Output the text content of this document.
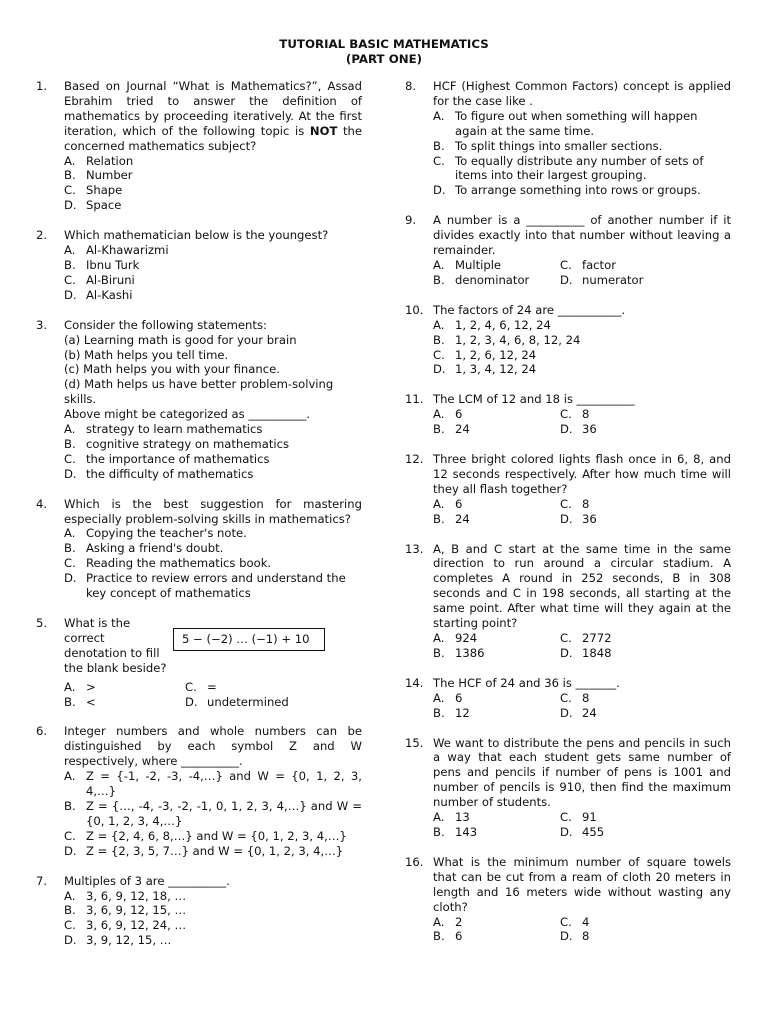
TUTORIAL BASIC MATHEMATICS
(PART ONE)
1.	Based on Journal “What is Mathematics?”, Assad Ebrahim tried to answer the definition of mathematics by proceeding iteratively. At the first iteration, which of the following topic is NOT the concerned mathematics subject?
A. Relation
B. Number
C. Shape
D. Space
2.	Which mathematician below is the youngest?
A. Al-Khawarizmi
B. Ibnu Turk
C. Al-Biruni
D. Al-Kashi
3.	Consider the following statements:
(a) Learning math is good for your brain
(b) Math helps you tell time.
(c) Math helps you with your finance.
(d) Math helps us have better problem-solving skills.
Above might be categorized as __________.
A. strategy to learn mathematics
B. cognitive strategy on mathematics
C. the importance of mathematics
D. the difficulty of mathematics
4.	Which is the best suggestion for mastering especially problem-solving skills in mathematics?
A. Copying the teacher's note.
B. Asking a friend's doubt.
C. Reading the mathematics book.
D. Practice to review errors and understand the key concept of mathematics
5.	What is the correct denotation to fill the blank beside?
5 − (−2) … (−1) + 10
A. >	C. =
B. <	D. undetermined
6.	Integer numbers and whole numbers can be distinguished by each symbol Z and W respectively, where __________.
A. Z = {-1, -2, -3, -4,…} and W = {0, 1, 2, 3, 4,…}
B. Z = {…, -4, -3, -2, -1, 0, 1, 2, 3, 4,…} and W = {0, 1, 2, 3, 4,…}
C. Z = {2, 4, 6, 8,…} and W = {0, 1, 2, 3, 4,…}
D. Z = {2, 3, 5, 7…} and W = {0, 1, 2, 3, 4,…}
7.	Multiples of 3 are __________.
A. 3, 6, 9, 12, 18, …
B. 3, 6, 9, 12, 15, …
C. 3, 6, 9, 12, 24, …
D. 3, 9, 12, 15, …
8.	HCF (Highest Common Factors) concept is applied for the case like .
A. To figure out when something will happen again at the same time.
B. To split things into smaller sections.
C. To equally distribute any number of sets of items into their largest grouping.
D. To arrange something into rows or groups.
9.	A number is a __________ of another number if it divides exactly into that number without leaving a remainder.
A. Multiple	C. factor
B. denominator	D. numerator
10. The factors of 24 are ___________.
A. 1, 2, 4, 6, 12, 24
B. 1, 2, 3, 4, 6, 8, 12, 24
C. 1, 2, 6, 12, 24
D. 1, 3, 4, 12, 24
11. The LCM of 12 and 18 is __________
A. 6	C. 8
B. 24	D. 36
12. Three bright colored lights flash once in 6, 8, and 12 seconds respectively. After how much time will they all flash together?
A. 6	C. 8
B. 24	D. 36
13. A, B and C start at the same time in the same direction to run around a circular stadium. A completes A round in 252 seconds, B in 308 seconds and C in 198 seconds, all starting at the same point. After what time will they again at the starting point?
A. 924	C. 2772
B. 1386	D. 1848
14. The HCF of 24 and 36 is _______.
A. 6	C. 8
B. 12	D. 24
15. We want to distribute the pens and pencils in such a way that each student gets same number of pens and pencils if number of pens is 1001 and number of pencils is 910, then find the maximum number of students.
A. 13	C. 91
B. 143	D. 455
16. What is the minimum number of square towels that can be cut from a ream of cloth 20 meters in length and 16 meters wide without wasting any cloth?
A. 2	C. 4
B. 6	D. 8
